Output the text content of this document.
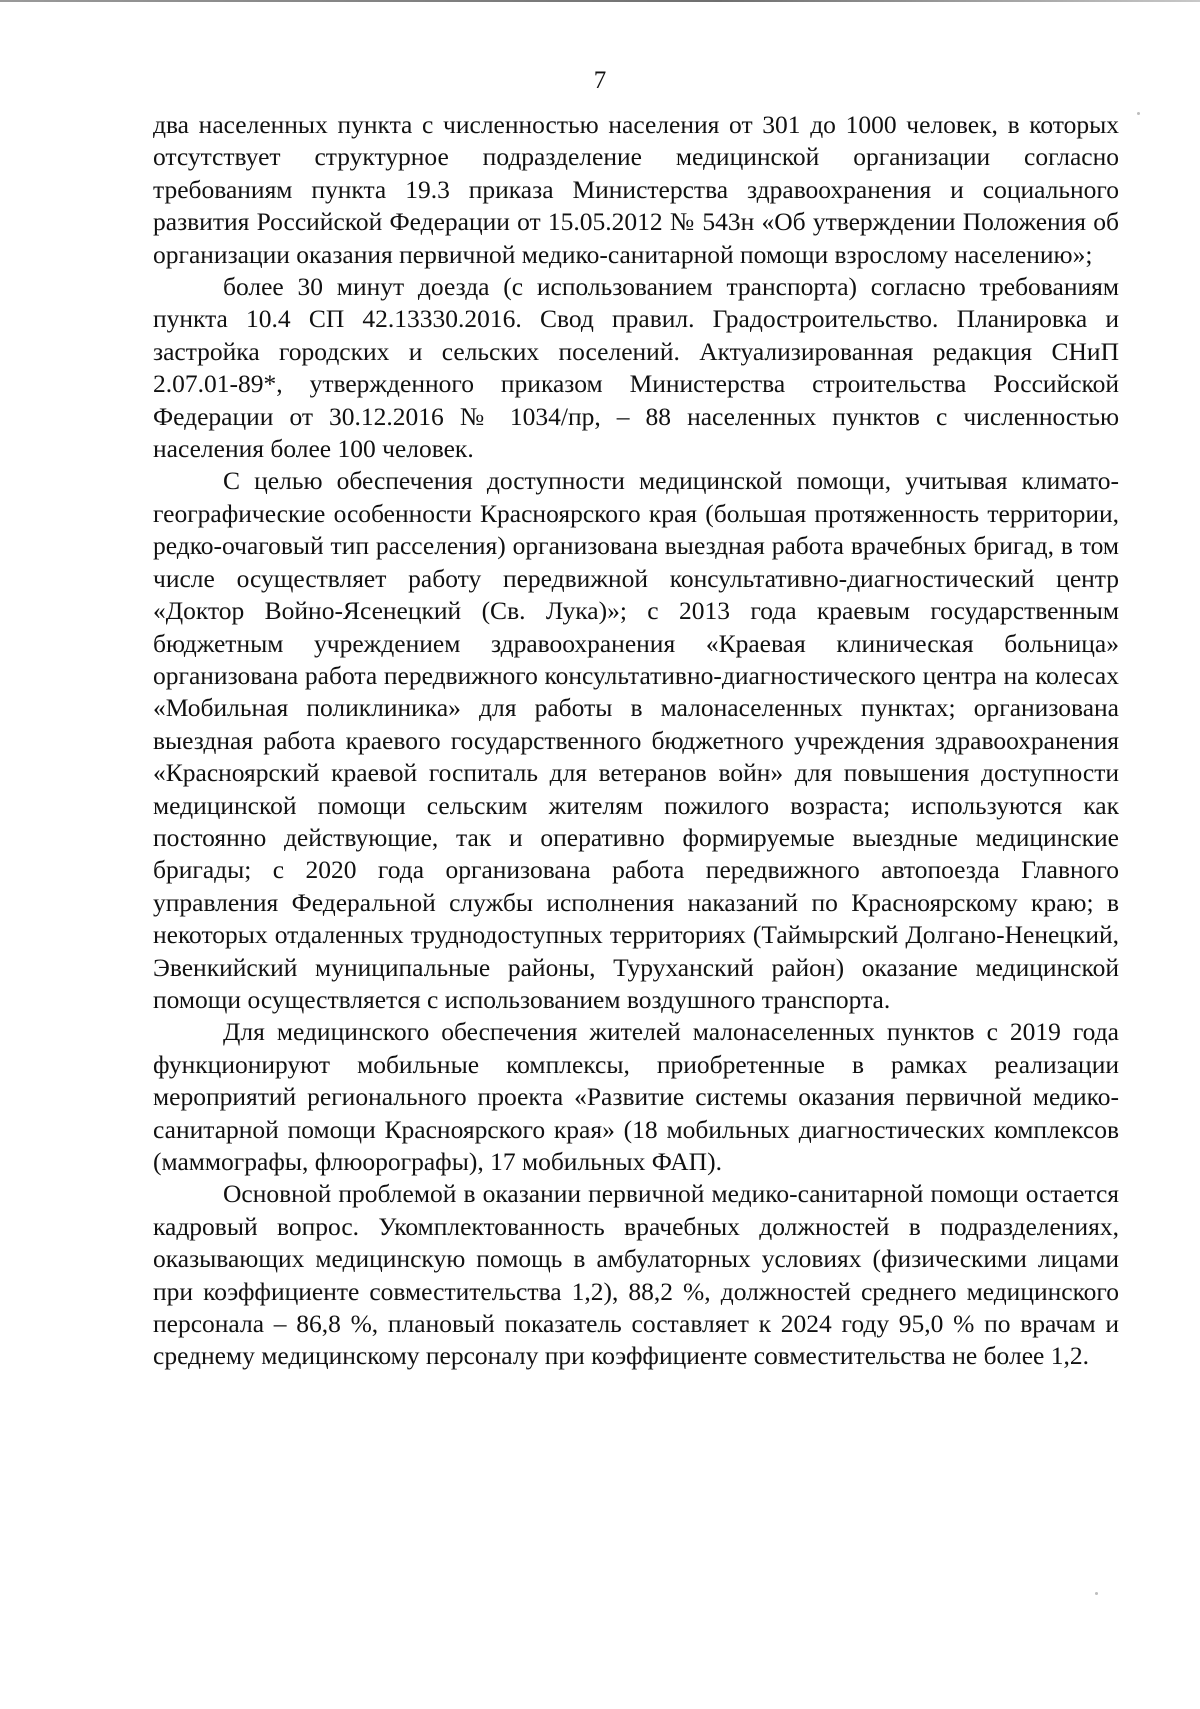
7

два населенных пункта с численностью населения от 301 до 1000 человек, в которых отсутствует структурное подразделение медицинской организации согласно требованиям пункта 19.3 приказа Министерства здравоохранения и социального развития Российской Федерации от 15.05.2012 № 543н «Об утверждении Положения об организации оказания первичной медико-санитарной помощи взрослому населению»;

более 30 минут доезда (с использованием транспорта) согласно требованиям пункта 10.4 СП 42.13330.2016. Свод правил. Градостроительство. Планировка и застройка городских и сельских поселений. Актуализированная редакция СНиП 2.07.01-89*, утвержденного приказом Министерства строительства Российской Федерации от 30.12.2016 № 1034/пр, – 88 населенных пунктов с численностью населения более 100 человек.

С целью обеспечения доступности медицинской помощи, учитывая климато-географические особенности Красноярского края (большая протяженность территории, редко-очаговый тип расселения) организована выездная работа врачебных бригад, в том числе осуществляет работу передвижной консультативно-диагностический центр «Доктор Войно-Ясенецкий (Св. Лука)»; с 2013 года краевым государственным бюджетным учреждением здравоохранения «Краевая клиническая больница» организована работа передвижного консультативно-диагностического центра на колесах «Мобильная поликлиника» для работы в малонаселенных пунктах; организована выездная работа краевого государственного бюджетного учреждения здравоохранения «Красноярский краевой госпиталь для ветеранов войн» для повышения доступности медицинской помощи сельским жителям пожилого возраста; используются как постоянно действующие, так и оперативно формируемые выездные медицинские бригады; с 2020 года организована работа передвижного автопоезда Главного управления Федеральной службы исполнения наказаний по Красноярскому краю; в некоторых отдаленных труднодоступных территориях (Таймырский Долгано-Ненецкий, Эвенкийский муниципальные районы, Туруханский район) оказание медицинской помощи осуществляется с использованием воздушного транспорта.

Для медицинского обеспечения жителей малонаселенных пунктов с 2019 года функционируют мобильные комплексы, приобретенные в рамках реализации мероприятий регионального проекта «Развитие системы оказания первичной медико-санитарной помощи Красноярского края» (18 мобильных диагностических комплексов (маммографы, флюорографы), 17 мобильных ФАП).

Основной проблемой в оказании первичной медико-санитарной помощи остается кадровый вопрос. Укомплектованность врачебных должностей в подразделениях, оказывающих медицинскую помощь в амбулаторных условиях (физическими лицами при коэффициенте совместительства 1,2), 88,2 %, должностей среднего медицинского персонала – 86,8 %, плановый показатель составляет к 2024 году 95,0 % по врачам и среднему медицинскому персоналу при коэффициенте совместительства не более 1,2.
